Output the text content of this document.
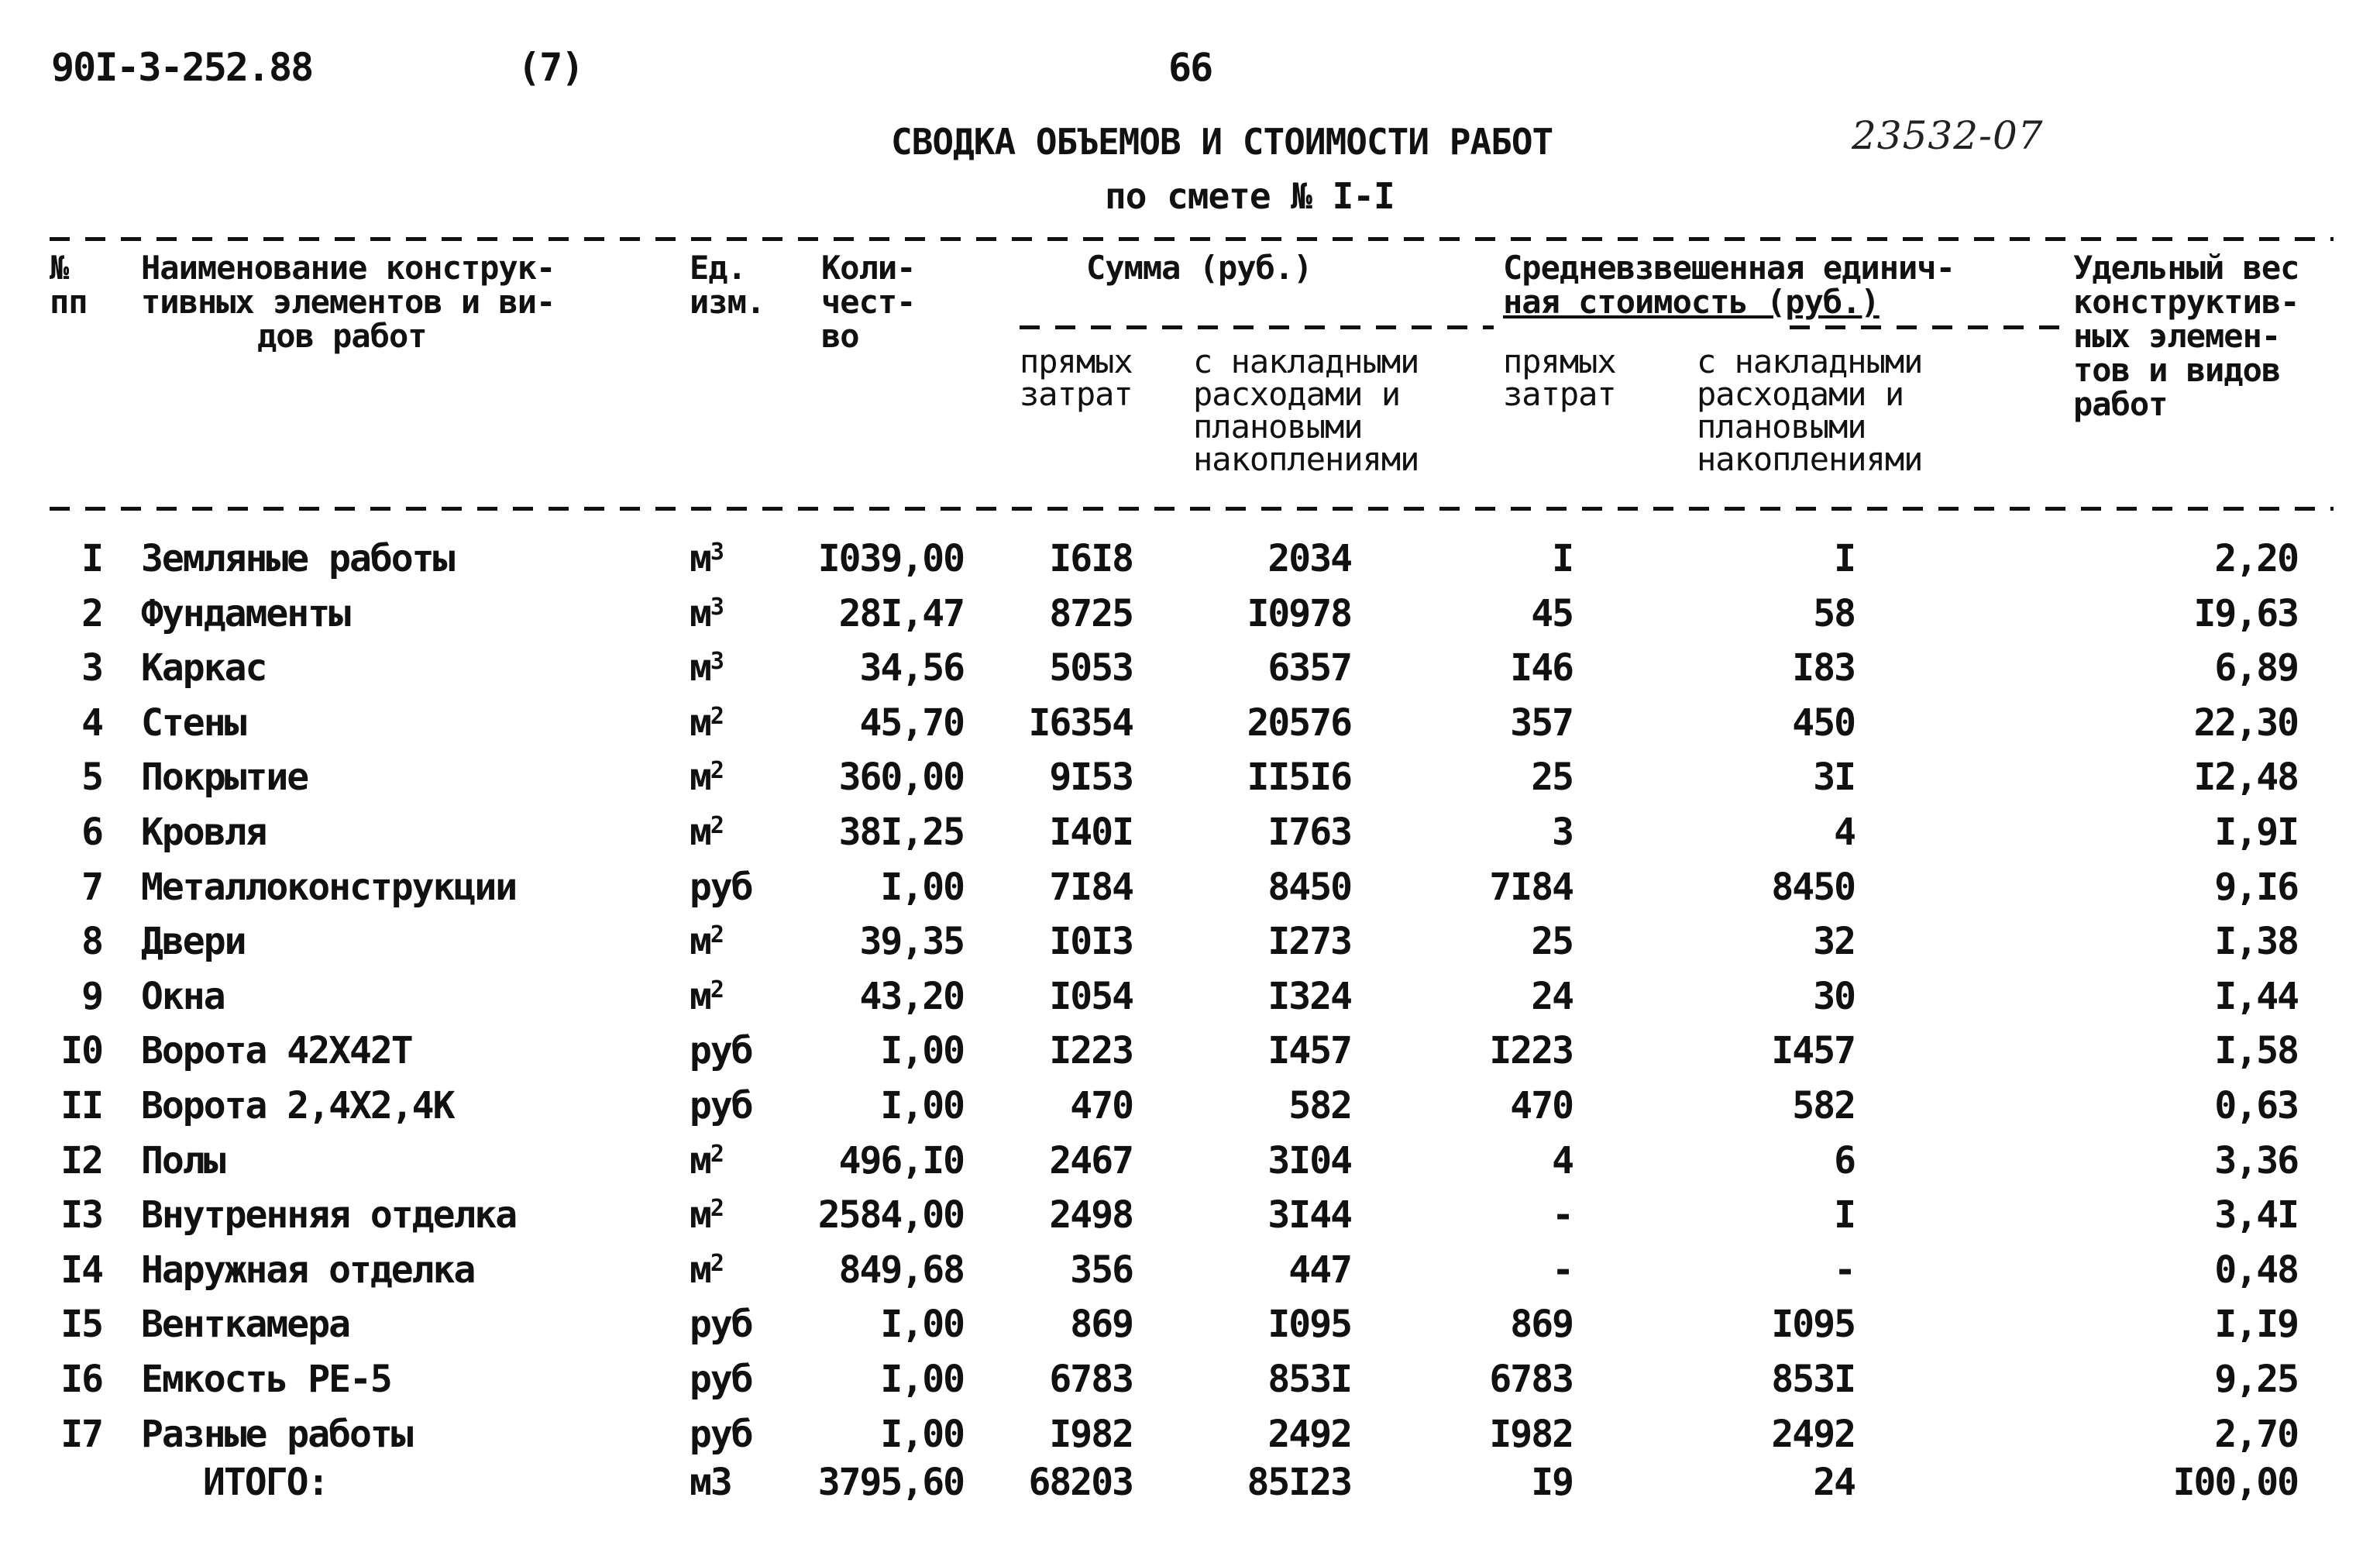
90I-3-252.88	(7)	66
23532-07
СВОДКА ОБЪЕМОВ И СТОИМОСТИ РАБОТ
по смете № I-I
№
пп
Наименование конструк-
тивных элементов и ви-
дов работ
Ед.
изм.
Коли-
чест-
во
Сумма (руб.)
прямых
затрат
с накладными
расходами и
плановыми
накоплениями
Средневзвешенная единич-
ная стоимость (руб.)
прямых
затрат
с накладными
расходами и
плановыми
накоплениями
Удельный вес
конструктив-
ных элемен-
тов и видов
работ
I Земляные работы	$м^3$	I039,00	I6I8	2034	I	I	2,20
2 Фундаменты	$м^3$	28I,47	8725	I0978	45	58	I9,63
3 Каркас	$м^3$	34,56	5053	6357	I46	I83	6,89
4 Стены	$м^2$	45,70	I6354	20576	357	450	22,30
5 Покрытие	$м^2$	360,00	9I53	II5I6	25	3I	I2,48
6 Кровля	$м^2$	38I,25	I40I	I763	3	4	I,9I
7 Металлоконструкции	руб	I,00	7I84	8450	7I84	8450	9,I6
8 Двери	$м^2$	39,35	I0I3	I273	25	32	I,38
9 Окна	$м^2$	43,20	I054	I324	24	30	I,44
I0 Ворота 42Х42Т	руб	I,00	I223	I457	I223	I457	I,58
II Ворота 2,4Х2,4К	руб	I,00	470	582	470	582	0,63
I2 Полы	$м^2$	496,I0	2467	3I04	4	6	3,36
I3 Внутренняя отделка	$м^2$	2584,00	2498	3I44	-	I	3,4I
I4 Наружная отделка	$м^2$	849,68	356	447	-	-	0,48
I5 Венткамера	руб	I,00	869	I095	869	I095	I,I9
I6 Емкость РЕ-5	руб	I,00	6783	853I	6783	853I	9,25
I7 Разные работы	руб	I,00	I982	2492	I982	2492	2,70
ИТОГО:	м3	3795,60	68203	85I23	I9	24	I00,00
